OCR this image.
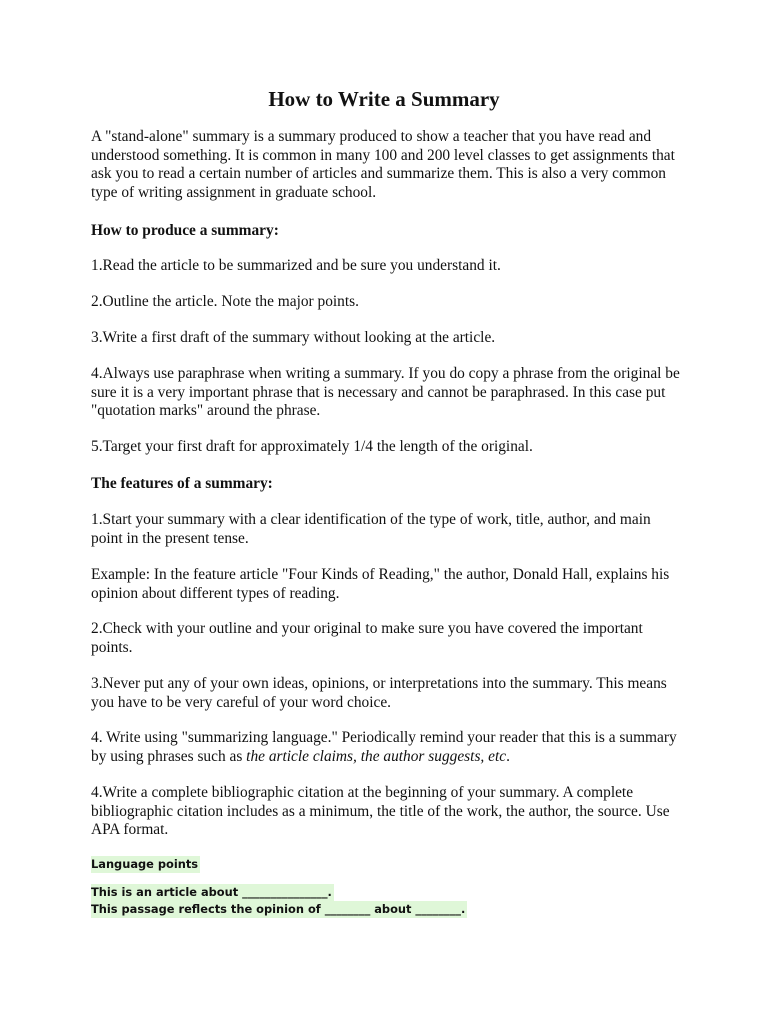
How to Write a Summary

A "stand-alone" summary is a summary produced to show a teacher that you have read and understood something. It is common in many 100 and 200 level classes to get assignments that ask you to read a certain number of articles and summarize them. This is also a very common type of writing assignment in graduate school.

How to produce a summary:

1.Read the article to be summarized and be sure you understand it.

2.Outline the article. Note the major points.

3.Write a first draft of the summary without looking at the article.

4.Always use paraphrase when writing a summary. If you do copy a phrase from the original be sure it is a very important phrase that is necessary and cannot be paraphrased. In this case put "quotation marks" around the phrase.

5.Target your first draft for approximately 1/4 the length of the original.

The features of a summary:

1.Start your summary with a clear identification of the type of work, title, author, and main point in the present tense.

Example: In the feature article "Four Kinds of Reading," the author, Donald Hall, explains his opinion about different types of reading.

2.Check with your outline and your original to make sure you have covered the important points.

3.Never put any of your own ideas, opinions, or interpretations into the summary. This means you have to be very careful of your word choice.

4. Write using "summarizing language." Periodically remind your reader that this is a summary by using phrases such as the article claims, the author suggests, etc.

4.Write a complete bibliographic citation at the beginning of your summary. A complete bibliographic citation includes as a minimum, the title of the work, the author, the source. Use APA format.

Language points
This is an article about _______________.
This passage reflects the opinion of ________ about ________.
